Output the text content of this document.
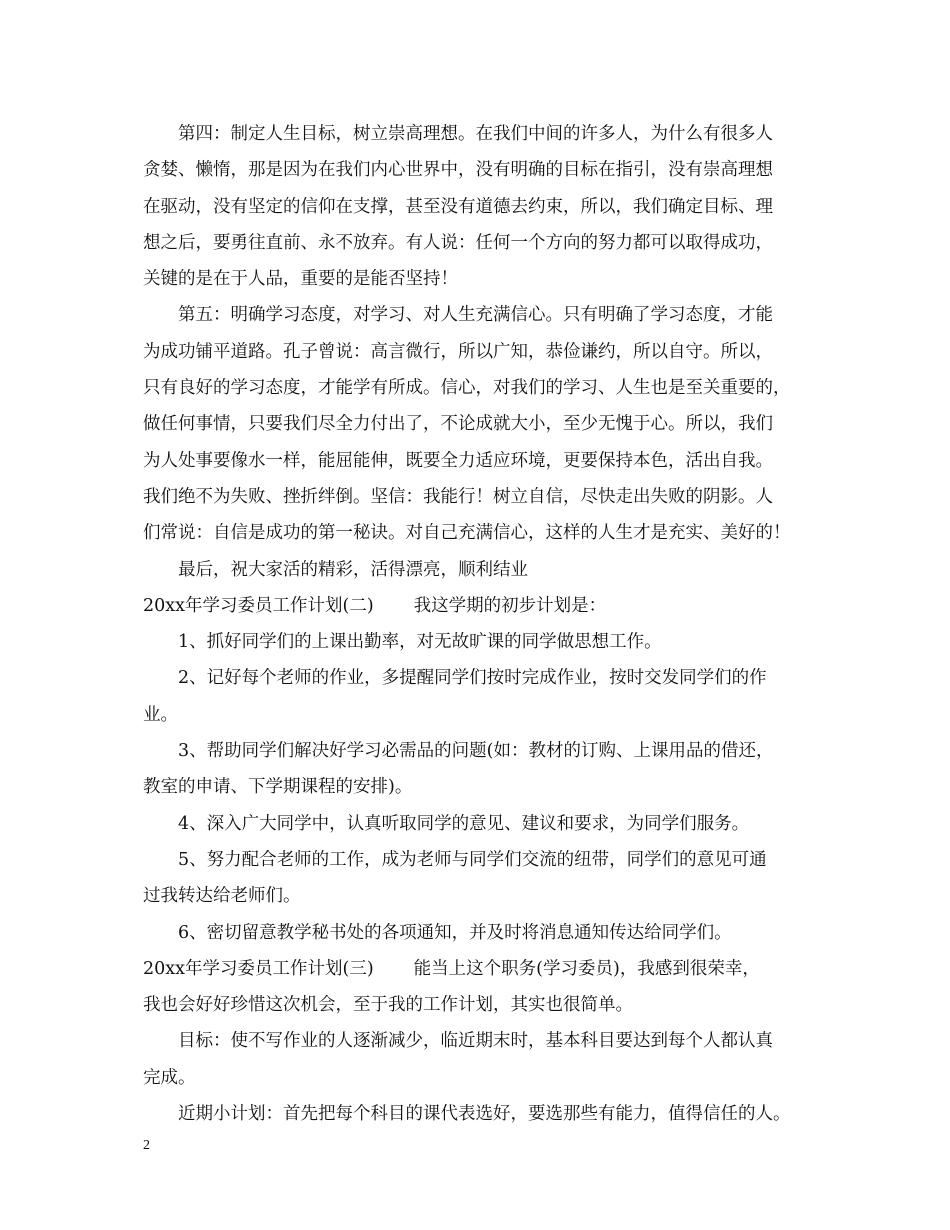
第四：制定人生目标，树立崇高理想。在我们中间的许多人，为什么有很多人
贪婪、懒惰，那是因为在我们内心世界中，没有明确的目标在指引，没有崇高理想
在驱动，没有坚定的信仰在支撑，甚至没有道德去约束，所以，我们确定目标、理
想之后，要勇往直前、永不放弃。有人说：任何一个方向的努力都可以取得成功，
关键的是在于人品，重要的是能否坚持！
第五：明确学习态度，对学习、对人生充满信心。只有明确了学习态度，才能
为成功铺平道路。孔子曾说：高言微行，所以广知，恭俭谦约，所以自守。所以，
只有良好的学习态度，才能学有所成。信心，对我们的学习、人生也是至关重要的，
做任何事情，只要我们尽全力付出了，不论成就大小，至少无愧于心。所以，我们
为人处事要像水一样，能屈能伸，既要全力适应环境，更要保持本色，活出自我。
我们绝不为失败、挫折绊倒。坚信：我能行！树立自信，尽快走出失败的阴影。人
们常说：自信是成功的第一秘诀。对自己充满信心，这样的人生才是充实、美好的！
最后，祝大家活的精彩，活得漂亮，顺利结业
20xx年学习委员工作计划(二) 我这学期的初步计划是：
1、抓好同学们的上课出勤率，对无故旷课的同学做思想工作。
2、记好每个老师的作业，多提醒同学们按时完成作业，按时交发同学们的作
业。
3、帮助同学们解决好学习必需品的问题(如：教材的订购、上课用品的借还，
教室的申请、下学期课程的安排)。
4、深入广大同学中，认真听取同学的意见、建议和要求，为同学们服务。
5、努力配合老师的工作，成为老师与同学们交流的纽带，同学们的意见可通
过我转达给老师们。
6、密切留意教学秘书处的各项通知，并及时将消息通知传达给同学们。
20xx年学习委员工作计划(三) 能当上这个职务(学习委员)，我感到很荣幸，
我也会好好珍惜这次机会，至于我的工作计划，其实也很简单。
目标：使不写作业的人逐渐减少，临近期末时，基本科目要达到每个人都认真
完成。
近期小计划：首先把每个科目的课代表选好，要选那些有能力，值得信任的人。
2
